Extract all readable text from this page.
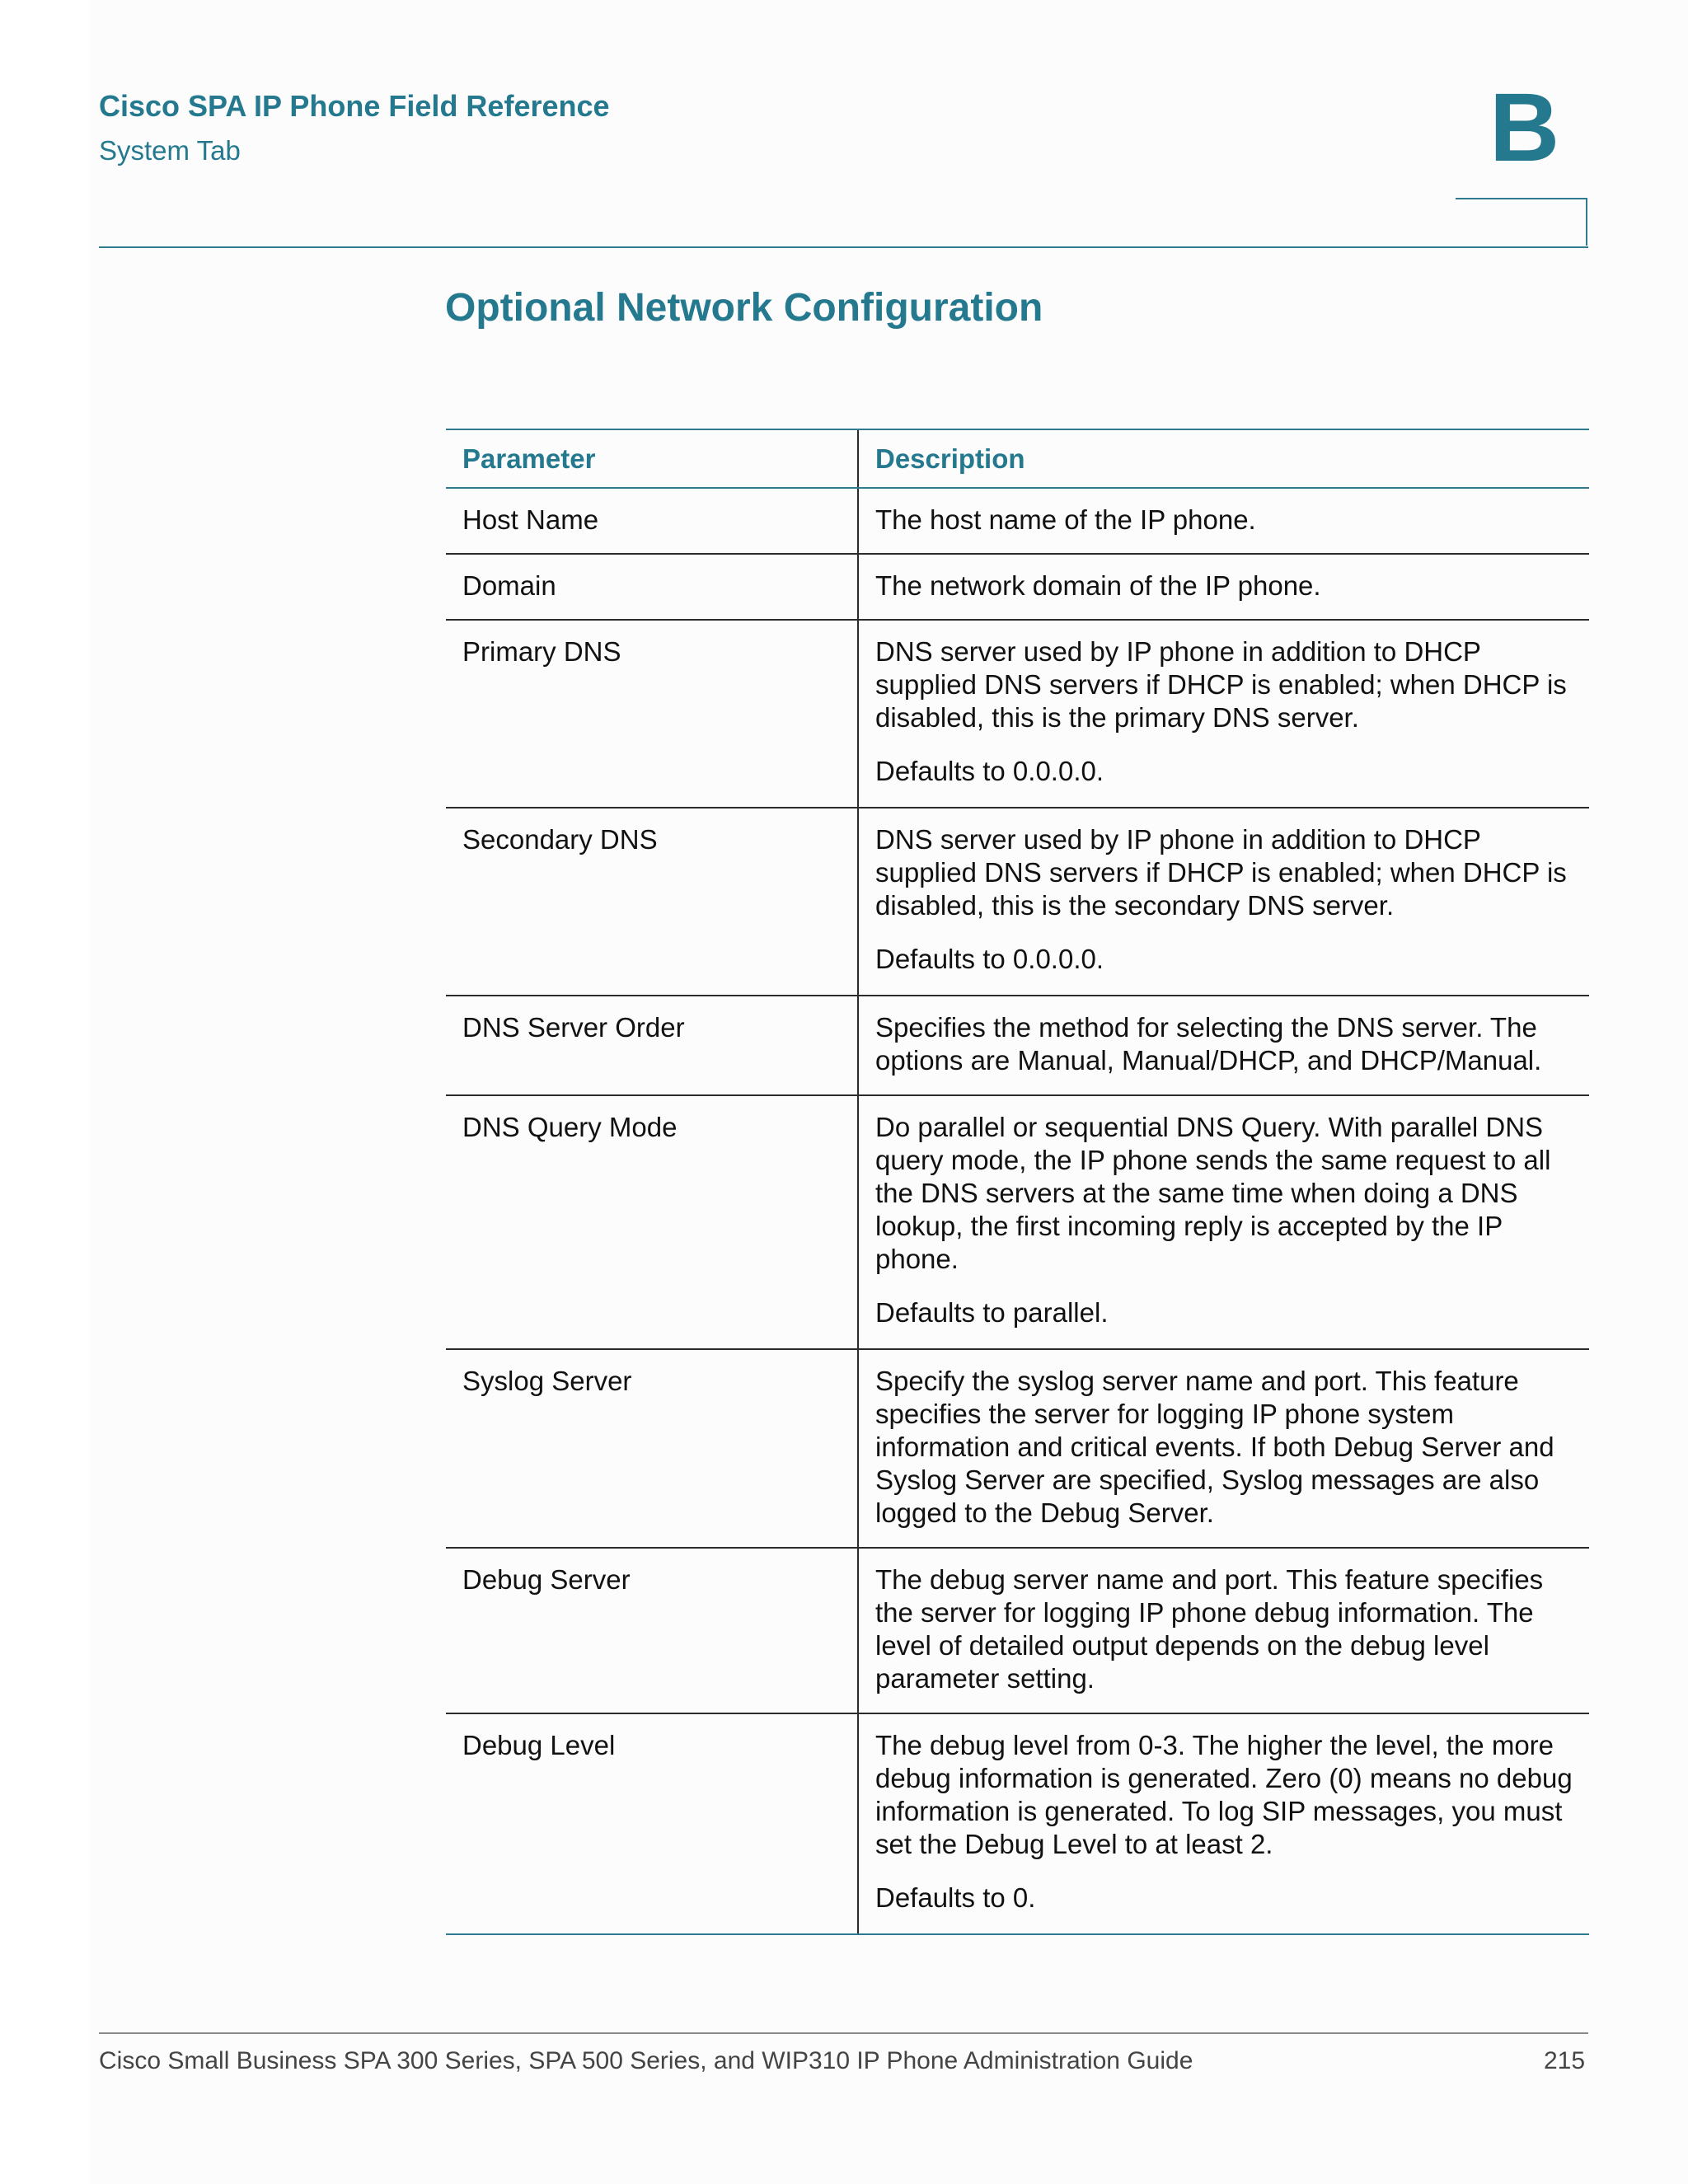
Cisco SPA IP Phone Field Reference
System Tab	B
Optional Network Configuration
Parameter	Description
Host Name	The host name of the IP phone.

Domain	The network domain of the IP phone.

Primary DNS	DNS server used by IP phone in addition to DHCP supplied DNS servers if DHCP is enabled; when DHCP is disabled, this is the primary DNS server.

Defaults to 0.0.0.0.

Secondary DNS	DNS server used by IP phone in addition to DHCP supplied DNS servers if DHCP is enabled; when DHCP is disabled, this is the secondary DNS server.

Defaults to 0.0.0.0.

DNS Server Order	Specifies the method for selecting the DNS server. The options are Manual, Manual/DHCP, and DHCP/Manual.

DNS Query Mode	Do parallel or sequential DNS Query. With parallel DNS query mode, the IP phone sends the same request to all the DNS servers at the same time when doing a DNS lookup, the first incoming reply is accepted by the IP phone.

Defaults to parallel.

Syslog Server	Specify the syslog server name and port. This feature specifies the server for logging IP phone system information and critical events. If both Debug Server and Syslog Server are specified, Syslog messages are also logged to the Debug Server.

Debug Server	The debug server name and port. This feature specifies the server for logging IP phone debug information. The level of detailed output depends on the debug level parameter setting.

Debug Level	The debug level from 0-3. The higher the level, the more debug information is generated. Zero (0) means no debug information is generated. To log SIP messages, you must set the Debug Level to at least 2.

Defaults to 0.

Cisco Small Business SPA 300 Series, SPA 500 Series, and WIP310 IP Phone Administration Guide	215
